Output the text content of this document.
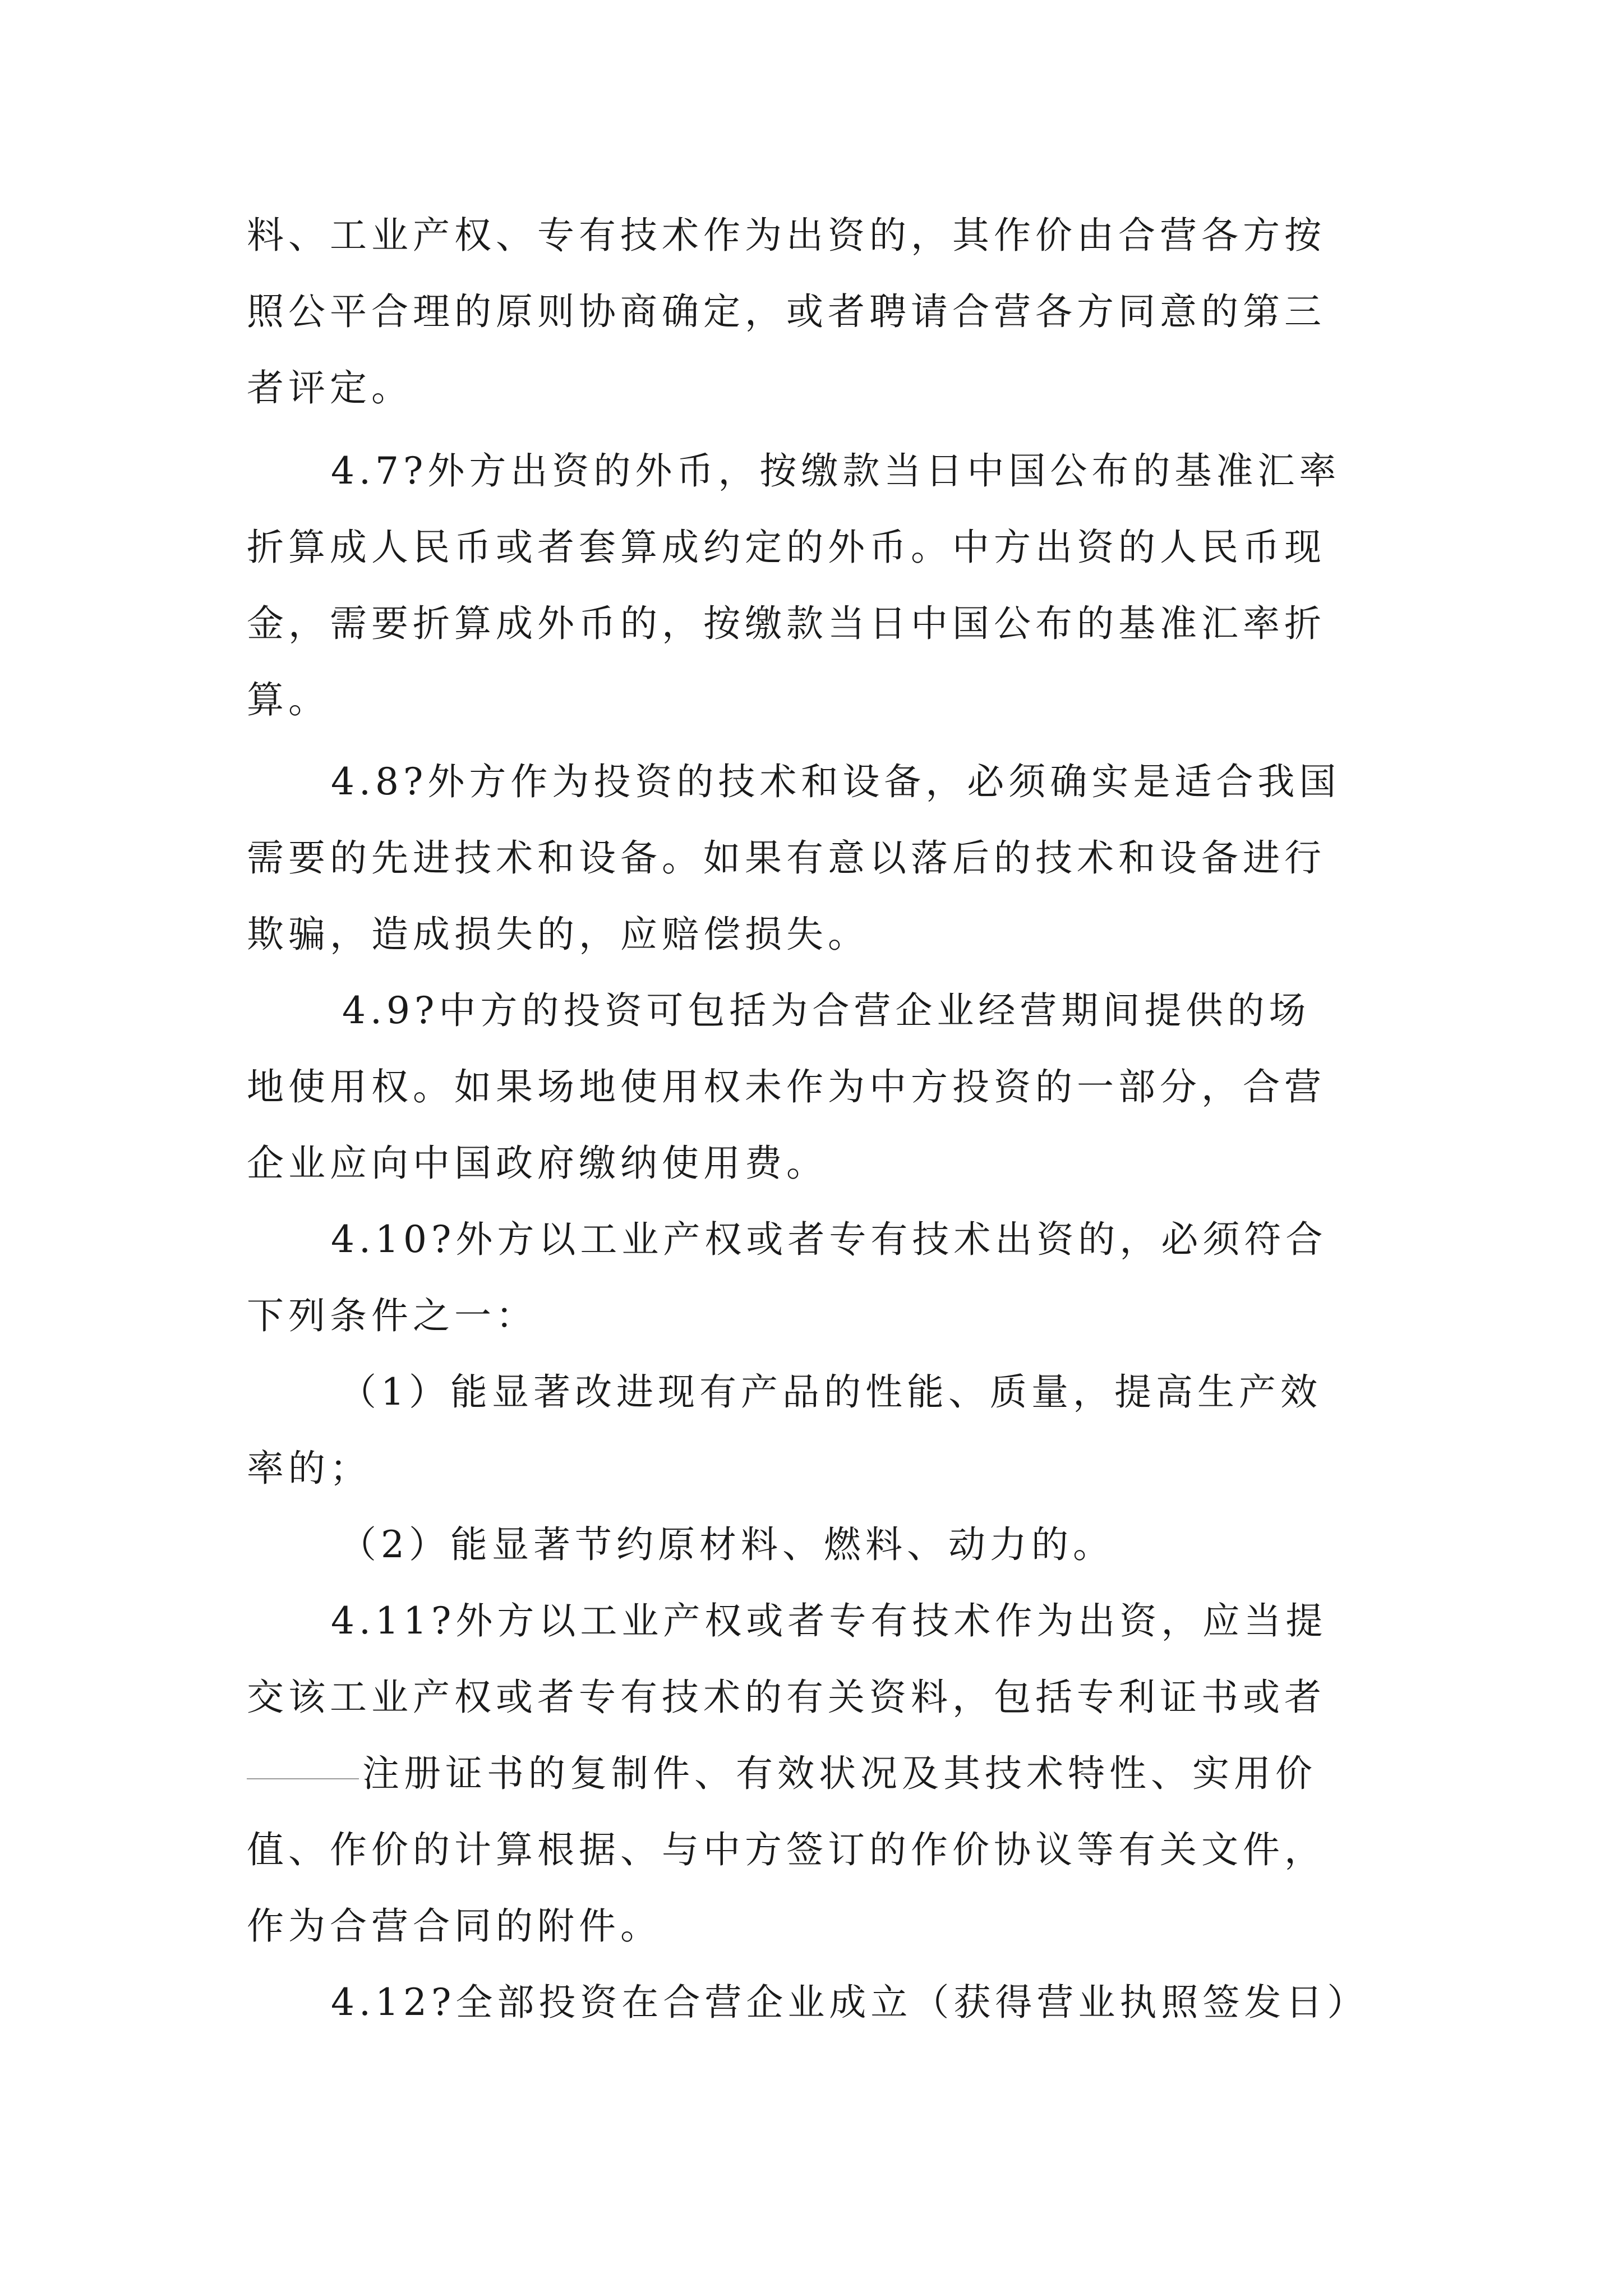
料、工业产权、专有技术作为出资的，其作价由合营各方按
照公平合理的原则协商确定，或者聘请合营各方同意的第三
者评定。
4.7?外方出资的外币，按缴款当日中国公布的基准汇率
折算成人民币或者套算成约定的外币。中方出资的人民币现
金，需要折算成外币的，按缴款当日中国公布的基准汇率折
算。
4.8?外方作为投资的技术和设备，必须确实是适合我国
需要的先进技术和设备。如果有意以落后的技术和设备进行
欺骗，造成损失的，应赔偿损失。
4.9?中方的投资可包括为合营企业经营期间提供的场
地使用权。如果场地使用权未作为中方投资的一部分，合营
企业应向中国政府缴纳使用费。
4.10?外方以工业产权或者专有技术出资的，必须符合
下列条件之一：
（1）能显著改进现有产品的性能、质量，提高生产效
率的；
（2）能显著节约原材料、燃料、动力的。
4.11?外方以工业产权或者专有技术作为出资，应当提
交该工业产权或者专有技术的有关资料，包括专利证书或者
注册证书的复制件、有效状况及其技术特性、实用价
值、作价的计算根据、与中方签订的作价协议等有关文件，
作为合营合同的附件。
4.12?全部投资在合营企业成立（获得营业执照签发日）
